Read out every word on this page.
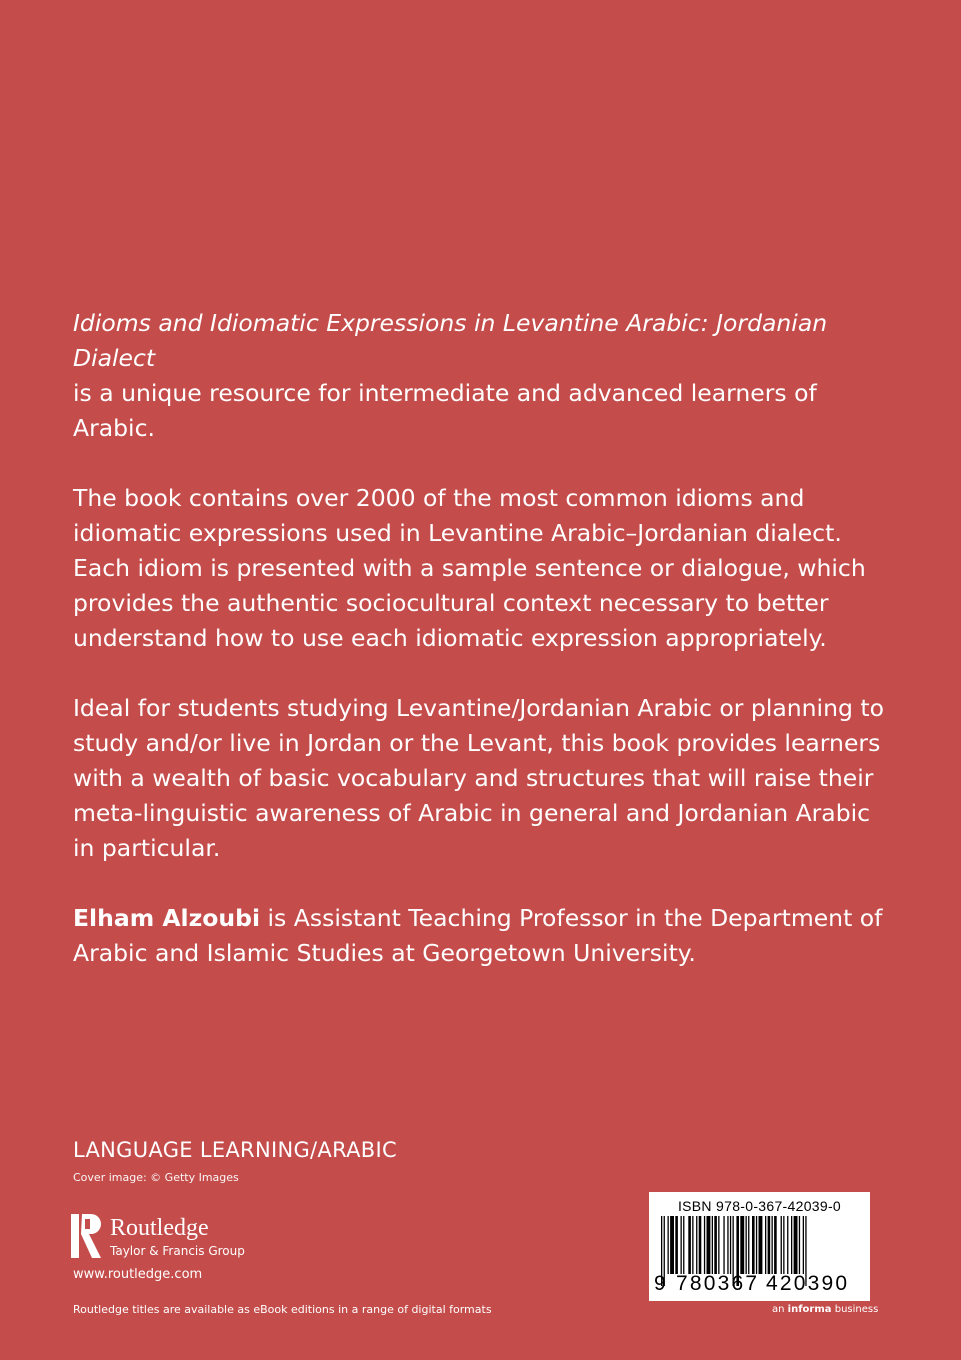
Idioms and Idiomatic Expressions in Levantine Arabic: Jordanian Dialect
is a unique resource for intermediate and advanced learners of Arabic.

The book contains over 2000 of the most common idioms and idiomatic expressions used in Levantine Arabic–Jordanian dialect. Each idiom is presented with a sample sentence or dialogue, which provides the authentic sociocultural context necessary to better understand how to use each idiomatic expression appropriately.

Ideal for students studying Levantine/Jordanian Arabic or planning to study and/or live in Jordan or the Levant, this book provides learners with a wealth of basic vocabulary and structures that will raise their meta-linguistic awareness of Arabic in general and Jordanian Arabic in particular.

Elham Alzoubi is Assistant Teaching Professor in the Department of Arabic and Islamic Studies at Georgetown University.

LANGUAGE LEARNING/ARABIC
Cover image: © Getty Images
Routledge
Taylor & Francis Group
www.routledge.com
Routledge titles are available as eBook editions in a range of digital formats
ISBN 978-0-367-42039-0
9 780367 420390
an informa business
